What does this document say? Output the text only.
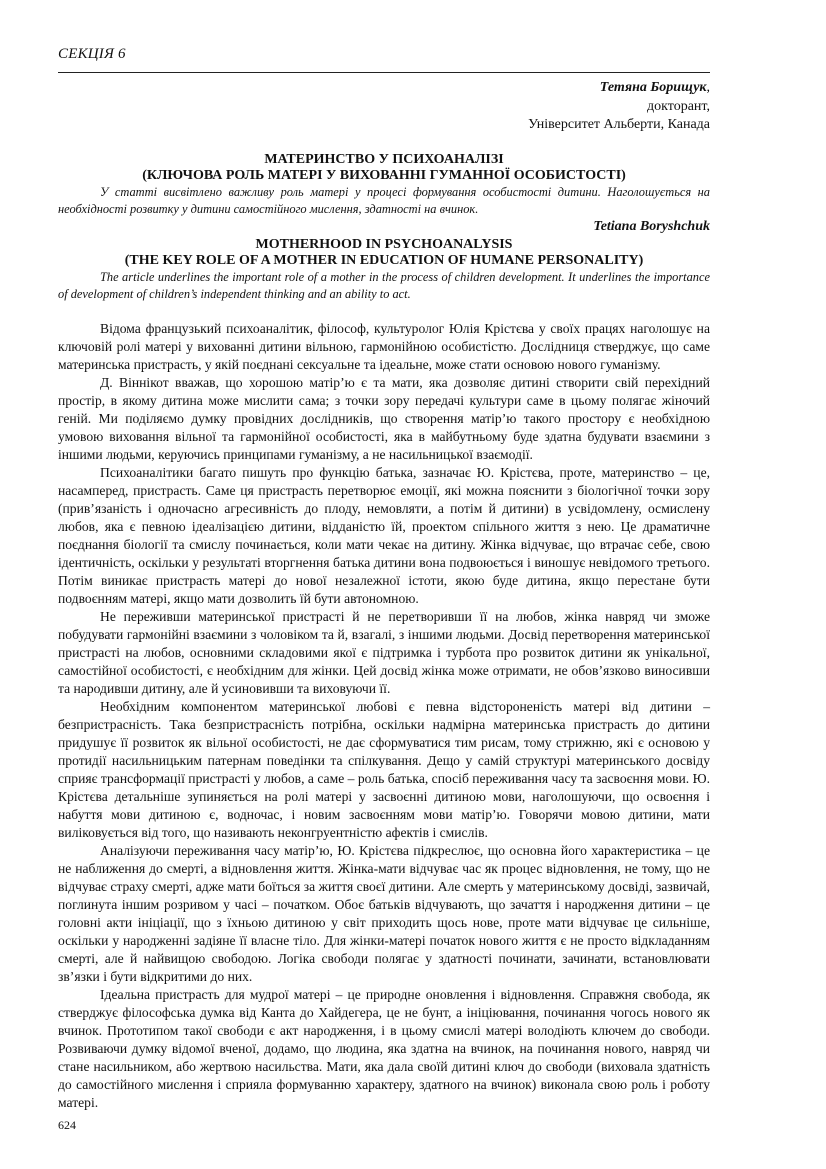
СЕКЦІЯ 6
Тетяна Борищук,
докторант,
Університет Альберти, Канада
МАТЕРИНСТВО У ПСИХОАНАЛІЗІ
(КЛЮЧОВА РОЛЬ МАТЕРІ У ВИХОВАННІ ГУМАННОЇ ОСОБИСТОСТІ)
У статті висвітлено важливу роль матері у процесі формування особистості дитини. Наголошується на необхідності розвитку у дитини самостійного мислення, здатності на вчинок.
Tetiana Boryshchuk
MOTHERHOOD IN PSYCHOANALYSIS
(THE KEY ROLE OF A MOTHER IN EDUCATION OF HUMANE PERSONALITY)
The article underlines the important role of a mother in the process of children development. It underlines the importance of development of children’s independent thinking and an ability to act.

Відома французький психоаналітик, філософ, культуролог Юлія Крістєва у своїх працях наголошує на ключовій ролі матері у вихованні дитини вільною, гармонійною особистістю. Дослідниця стверджує, що саме материнська пристрасть, у якій поєднані сексуальне та ідеальне, може стати основою нового гуманізму.

Д. Віннікот вважав, що хорошою матір’ю є та мати, яка дозволяє дитині створити свій перехідний простір, в якому дитина може мислити сама; з точки зору передачі культури саме в цьому полягає жіночий геній. Ми поділяємо думку провідних дослідників, що створення матір’ю такого простору є необхідною умовою виховання вільної та гармонійної особистості, яка в майбутньому буде здатна будувати взаємини з іншими людьми, керуючись принципами гуманізму, а не насильницької взаємодії.

Психоаналітики багато пишуть про функцію батька, зазначає Ю. Крістєва, проте, материнство – це, насамперед, пристрасть. Саме ця пристрасть перетворює емоції, які можна пояснити з біологічної точки зору (прив’язаність і одночасно агресивність до плоду, немовляти, а потім й дитини) в усвідомлену, осмислену любов, яка є певною ідеалізацією дитини, відданістю їй, проектом спільного життя з нею. Це драматичне поєднання біології та смислу починається, коли мати чекає на дитину. Жінка відчуває, що втрачає себе, свою ідентичність, оскільки у результаті вторгнення батька дитини вона подвоюється і виношує невідомого третього. Потім виникає пристрасть матері до нової незалежної істоти, якою буде дитина, якщо перестане бути подвоєнням матері, якщо мати дозволить їй бути автономною.

Не переживши материнської пристрасті й не перетворивши її на любов, жінка навряд чи зможе побудувати гармонійні взаємини з чоловіком та й, взагалі, з іншими людьми. Досвід перетворення материнської пристрасті на любов, основними складовими якої є підтримка і турбота про розвиток дитини як унікальної, самостійної особистості, є необхідним для жінки. Цей досвід жінка може отримати, не обов’язково виносивши та народивши дитину, але й усиновивши та виховуючи її.

Необхідним компонентом материнської любові є певна відстороненість матері від дитини – безпристрасність. Така безпристрасність потрібна, оскільки надмірна материнська пристрасть до дитини придушує її розвиток як вільної особистості, не дає сформуватися тим рисам, тому стрижню, які є основою у протидії насильницьким патернам поведінки та спілкування. Дещо у самій структурі материнського досвіду сприяє трансформації пристрасті у любов, а саме – роль батька, спосіб переживання часу та засвоєння мови. Ю. Крістєва детальніше зупиняється на ролі матері у засвоєнні дитиною мови, наголошуючи, що освоєння і набуття мови дитиною є, водночас, і новим засвоєнням мови матір’ю. Говорячи мовою дитини, мати виліковується від того, що називають неконгруентністю афектів і смислів.

Аналізуючи переживання часу матір’ю, Ю. Крістєва підкреслює, що основна його характеристика – це не наближення до смерті, а відновлення життя. Жінка-мати відчуває час як процес відновлення, не тому, що не відчуває страху смерті, адже мати боїться за життя своєї дитини. Але смерть у материнському досвіді, зазвичай, поглинута іншим розривом у часі – початком. Обоє батьків відчувають, що зачаття і народження дитини – це головні акти ініціації, що з їхньою дитиною у світ приходить щось нове, проте мати відчуває це сильніше, оскільки у народженні задіяне її власне тіло. Для жінки-матері початок нового життя є не просто відкладанням смерті, але й найвищою свободою. Логіка свободи полягає у здатності починати, зачинати, встановлювати зв’язки і бути відкритими до них.

Ідеальна пристрасть для мудрої матері – це природне оновлення і відновлення. Справжня свобода, як стверджує філософська думка від Канта до Хайдегера, це не бунт, а ініціювання, починання чогось нового як вчинок. Прототипом такої свободи є акт народження, і в цьому смислі матері володіють ключем до свободи. Розвиваючи думку відомої вченої, додамо, що людина, яка здатна на вчинок, на починання нового, навряд чи стане насильником, або жертвою насильства. Мати, яка дала своїй дитині ключ до свободи (виховала здатність до самостійного мислення і сприяла формуванню характеру, здатного на вчинок) виконала свою роль і роботу матері.

624
